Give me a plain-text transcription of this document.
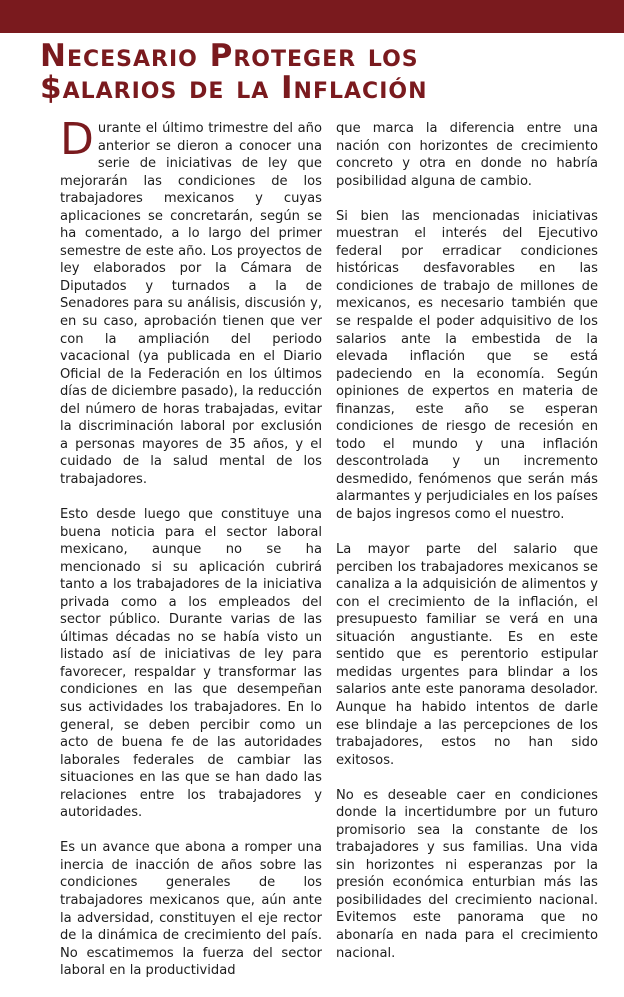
Necesario Proteger los
$alarios de la Inflación

Durante el último trimestre del año anterior se dieron a conocer una serie de iniciativas de ley que mejorarán las condiciones de los trabajadores mexicanos y cuyas aplicaciones se concretarán, según se ha comentado, a lo largo del primer semestre de este año. Los proyectos de ley elaborados por la Cámara de Diputados y turnados a la de Senadores para su análisis, discusión y, en su caso, aprobación tienen que ver con la ampliación del periodo vacacional (ya publicada en el Diario Oficial de la Federación en los últimos días de diciembre pasado), la reducción del número de horas trabajadas, evitar la discriminación laboral por exclusión a personas mayores de 35 años, y el cuidado de la salud mental de los trabajadores.

Esto desde luego que constituye una buena noticia para el sector laboral mexicano, aunque no se ha mencionado si su aplicación cubrirá tanto a los trabajadores de la iniciativa privada como a los empleados del sector público. Durante varias de las últimas décadas no se había visto un listado así de iniciativas de ley para favorecer, respaldar y transformar las condiciones en las que desempeñan sus actividades los trabajadores. En lo general, se deben percibir como un acto de buena fe de las autoridades laborales federales de cambiar las situaciones en las que se han dado las relaciones entre los trabajadores y autoridades.

Es un avance que abona a romper una inercia de inacción de años sobre las condiciones generales de los trabajadores mexicanos que, aún ante la adversidad, constituyen el eje rector de la dinámica de crecimiento del país. No escatimemos la fuerza del sector laboral en la productividad

que marca la diferencia entre una nación con horizontes de crecimiento concreto y otra en donde no habría posibilidad alguna de cambio.

Si bien las mencionadas iniciativas muestran el interés del Ejecutivo federal por erradicar condiciones históricas desfavorables en las condiciones de trabajo de millones de mexicanos, es necesario también que se respalde el poder adquisitivo de los salarios ante la embestida de la elevada inflación que se está padeciendo en la economía. Según opiniones de expertos en materia de finanzas, este año se esperan condiciones de riesgo de recesión en todo el mundo y una inflación descontrolada y un incremento desmedido, fenómenos que serán más alarmantes y perjudiciales en los países de bajos ingresos como el nuestro.

La mayor parte del salario que perciben los trabajadores mexicanos se canaliza a la adquisición de alimentos y con el crecimiento de la inflación, el presupuesto familiar se verá en una situación angustiante. Es en este sentido que es perentorio estipular medidas urgentes para blindar a los salarios ante este panorama desolador. Aunque ha habido intentos de darle ese blindaje a las percepciones de los trabajadores, estos no han sido exitosos.

No es deseable caer en condiciones donde la incertidumbre por un futuro promisorio sea la constante de los trabajadores y sus familias. Una vida sin horizontes ni esperanzas por la presión económica enturbian más las posibilidades del crecimiento nacional. Evitemos este panorama que no abonaría en nada para el crecimiento nacional.
